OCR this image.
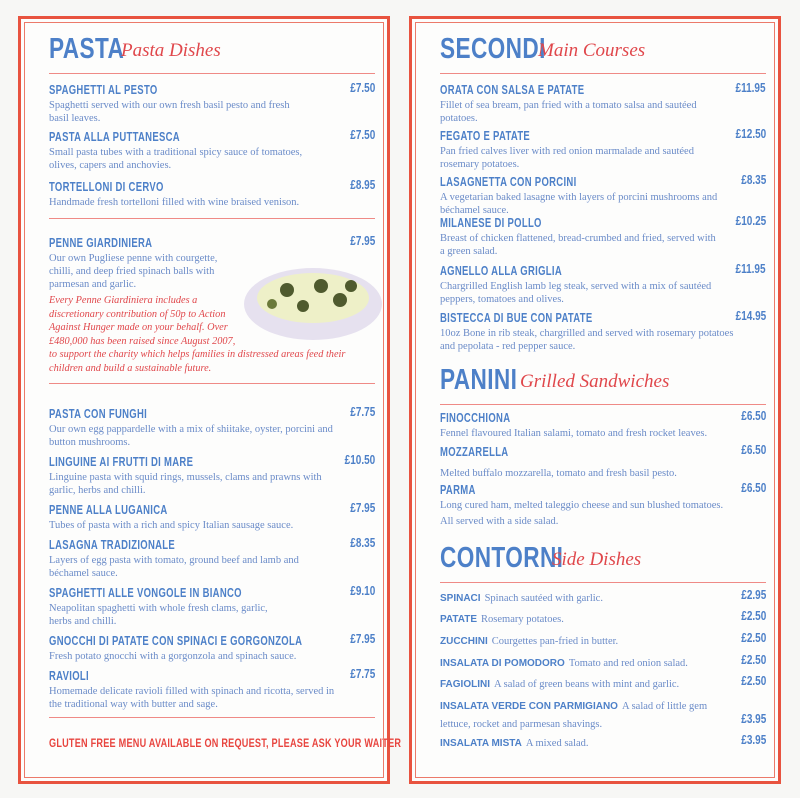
PASTA
Pasta Dishes
SPAGHETTI AL PESTO	£7.50
Spaghetti served with our own fresh basil pesto and fresh basil leaves.
PASTA ALLA PUTTANESCA	£7.50
Small pasta tubes with a traditional spicy sauce of tomatoes, olives, capers and anchovies.
TORTELLONI DI CERVO	£8.95
Handmade fresh tortelloni filled with wine braised venison.
PENNE GIARDINIERA	£7.95
Our own Pugliese penne with courgette, chilli, and deep fried spinach balls with parmesan and garlic.
Every Penne Giardiniera includes a discretionary contribution of 50p to Action Against Hunger made on your behalf. Over £480,000 has been raised since August 2007, to support the charity which helps families in distressed areas feed their children and build a sustainable future.
PASTA CON FUNGHI	£7.75
Our own egg pappardelle with a mix of shiitake, oyster, porcini and button mushrooms.
LINGUINE AI FRUTTI DI MARE	£10.50
Linguine pasta with squid rings, mussels, clams and prawns with garlic, herbs and chilli.
PENNE ALLA LUGANICA	£7.95
Tubes of pasta with a rich and spicy Italian sausage sauce.
LASAGNA TRADIZIONALE	£8.35
Layers of egg pasta with tomato, ground beef and lamb and béchamel sauce.
SPAGHETTI ALLE VONGOLE IN BIANCO	£9.10
Neapolitan spaghetti with whole fresh clams, garlic, herbs and chilli.
GNOCCHI DI PATATE CON SPINACI E GORGONZOLA	£7.95
Fresh potato gnocchi with a gorgonzola and spinach sauce.
RAVIOLI	£7.75
Homemade delicate ravioli filled with spinach and ricotta, served in the traditional way with butter and sage.
GLUTEN FREE MENU AVAILABLE ON REQUEST, PLEASE ASK YOUR WAITER
SECONDI
Main Courses
ORATA CON SALSA E PATATE	£11.95
Fillet of sea bream, pan fried with a tomato salsa and sautéed potatoes.
FEGATO E PATATE	£12.50
Pan fried calves liver with red onion marmalade and sautéed rosemary potatoes.
LASAGNETTA CON PORCINI	£8.35
A vegetarian baked lasagne with layers of porcini mushrooms and béchamel sauce.
MILANESE DI POLLO	£10.25
Breast of chicken flattened, bread-crumbed and fried, served with a green salad.
AGNELLO ALLA GRIGLIA	£11.95
Chargrilled English lamb leg steak, served with a mix of sautéed peppers, tomatoes and olives.
BISTECCA DI BUE CON PATATE	£14.95
10oz Bone in rib steak, chargrilled and served with rosemary potatoes and pepolata - red pepper sauce.
PANINI Grilled Sandwiches
FINOCCHIONA	£6.50
Fennel flavoured Italian salami, tomato and fresh rocket leaves.
MOZZARELLA	£6.50
Melted buffalo mozzarella, tomato and fresh basil pesto.
PARMA	£6.50
Long cured ham, melted taleggio cheese and sun blushed tomatoes.
All served with a side salad.
CONTORNI
Side Dishes
SPINACI Spinach sautéed with garlic.	£2.95
PATATE Rosemary potatoes.	£2.50
ZUCCHINI Courgettes pan-fried in butter.	£2.50
INSALATA DI POMODORO Tomato and red onion salad.	£2.50
FAGIOLINI A salad of green beans with mint and garlic.	£2.50
INSALATA VERDE CON PARMIGIANO A salad of little gem lettuce, rocket and parmesan shavings.	£3.95
INSALATA MISTA A mixed salad.	£3.95
